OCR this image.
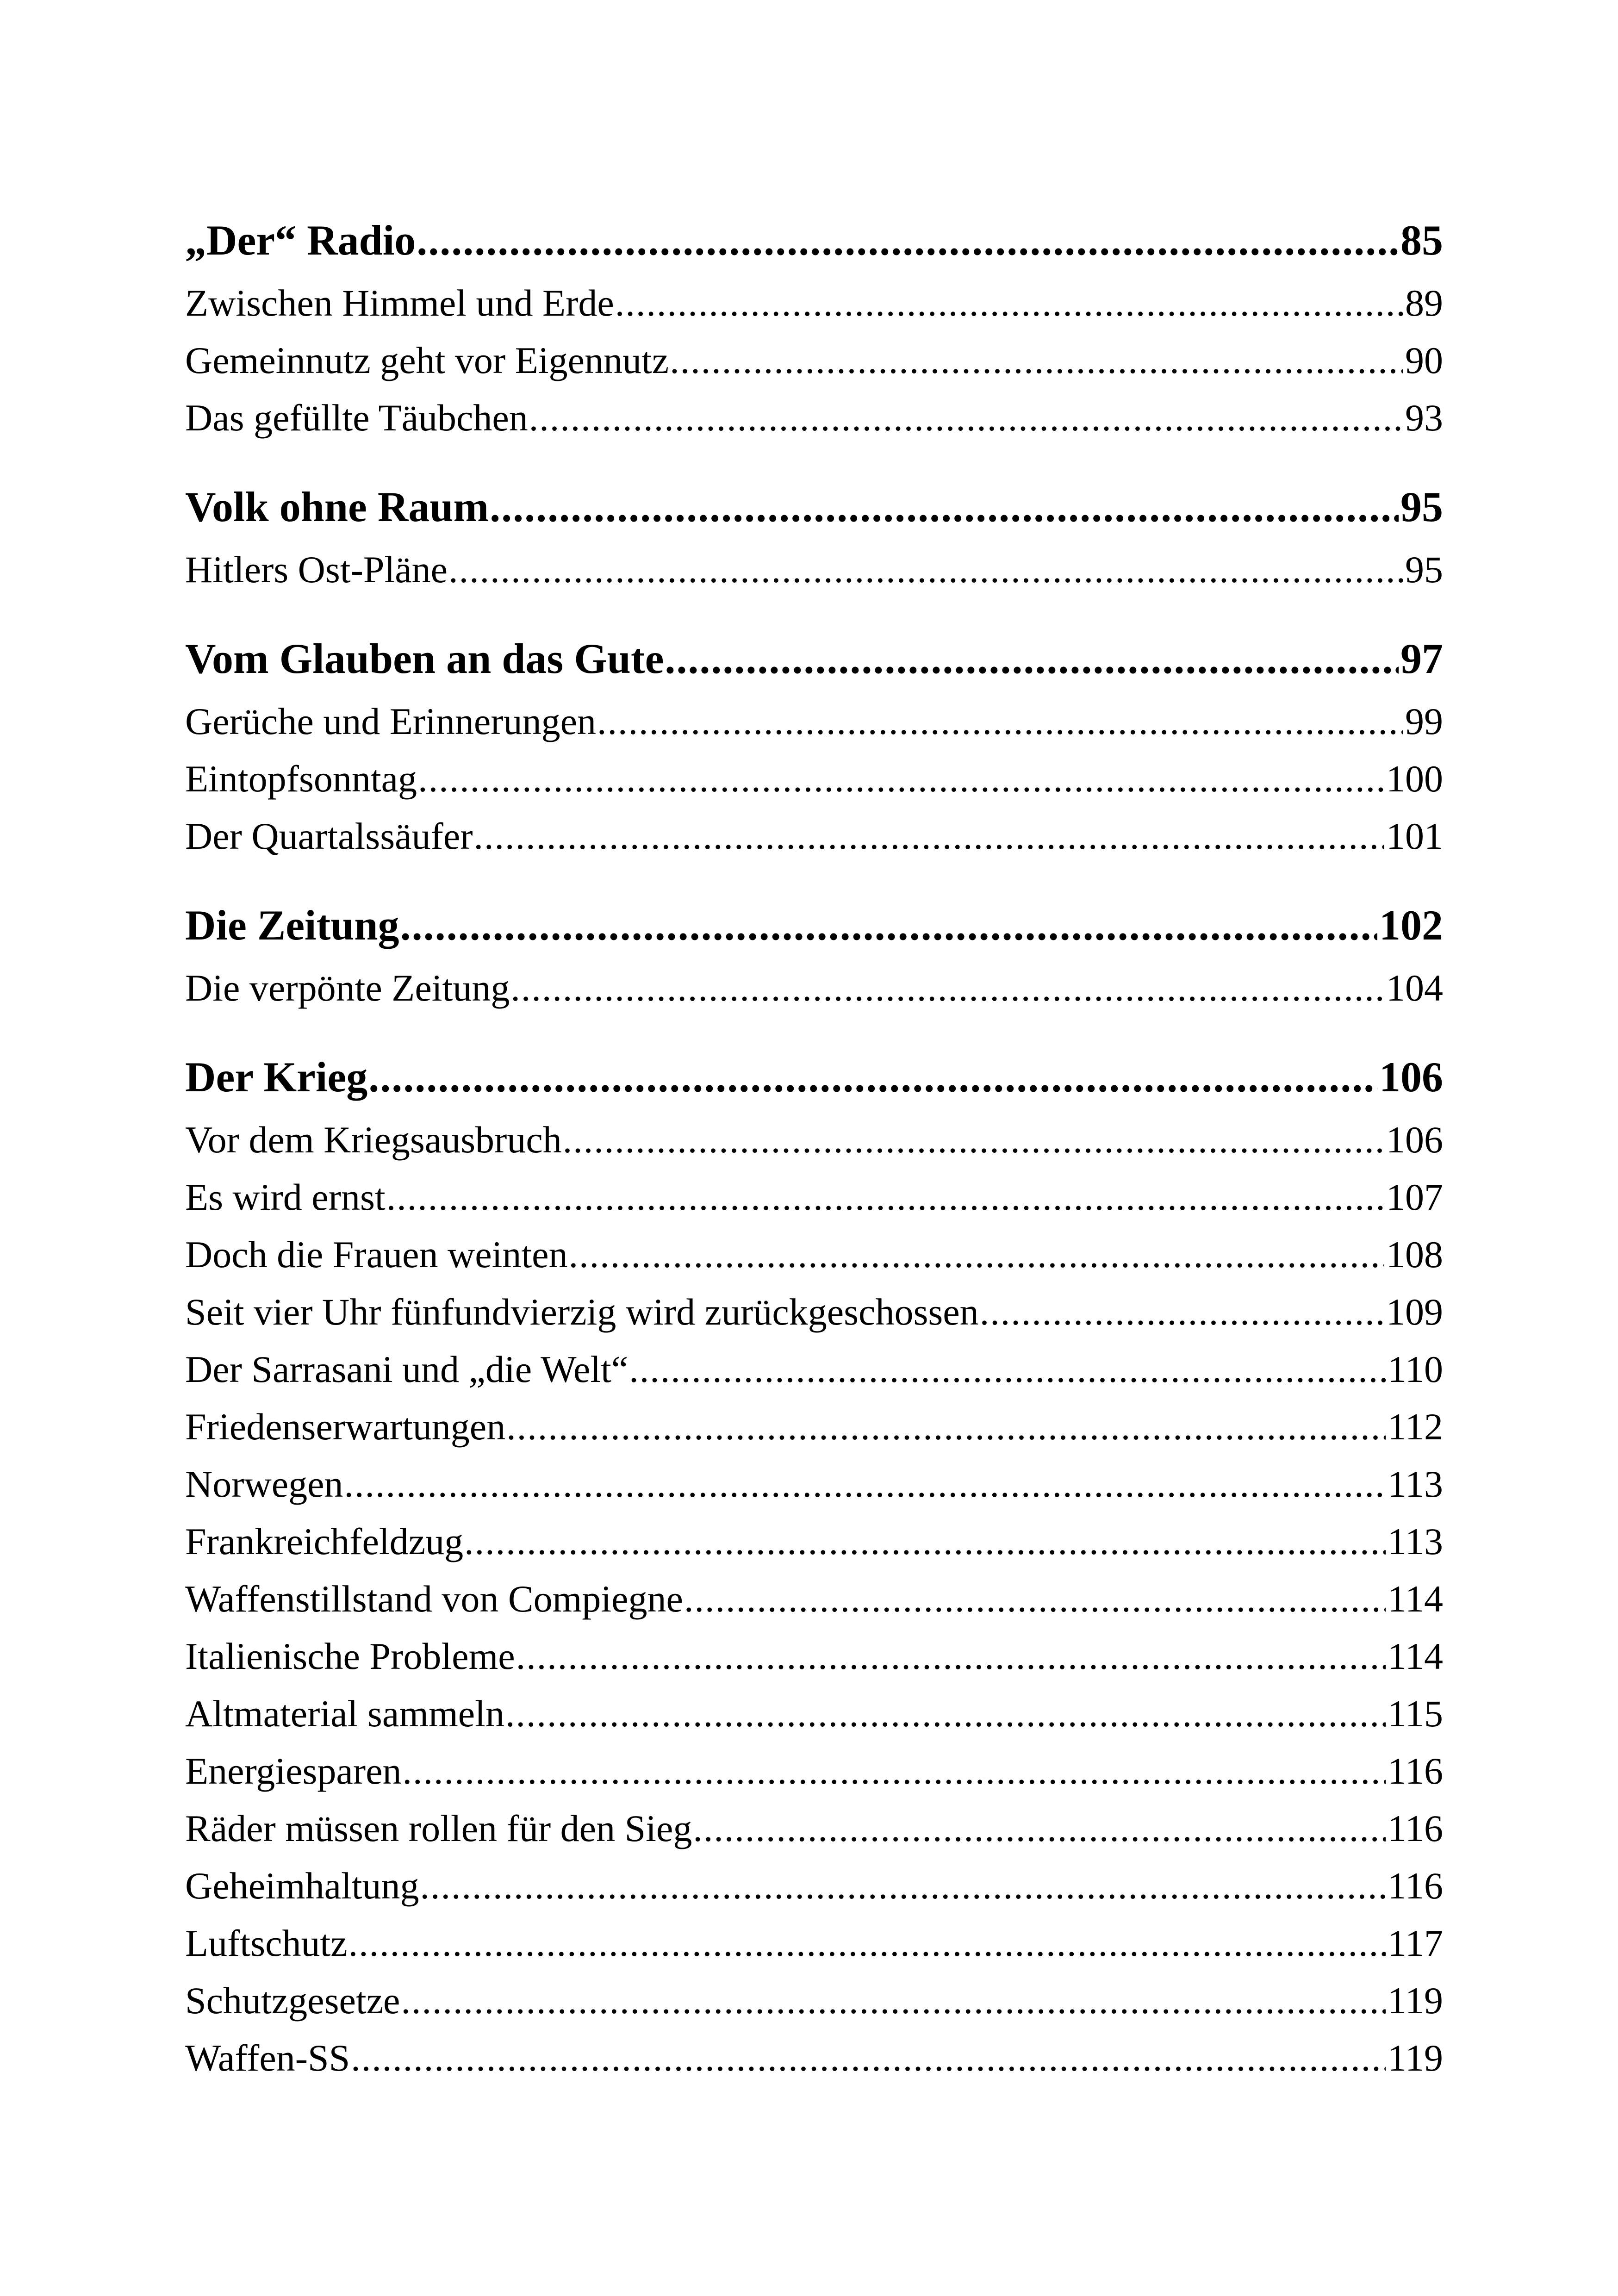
„Der“ Radio .....	85
Zwischen Himmel und Erde .....	89
Gemeinnutz geht vor Eigennutz .....	90
Das gefüllte Täubchen .....	93
Volk ohne Raum .....	95
Hitlers Ost-Pläne .....	95
Vom Glauben an das Gute .....	97
Gerüche und Erinnerungen .....	99
Eintopfsonntag .....	100
Der Quartalssäufer .....	101
Die Zeitung .....	102
Die verpönte Zeitung .....	104
Der Krieg .....	106
Vor dem Kriegsausbruch .....	106
Es wird ernst .....	107
Doch die Frauen weinten .....	108
Seit vier Uhr fünfundvierzig wird zurückgeschossen .....	109
Der Sarrasani und „die Welt“ .....	110
Friedenserwartungen .....	112
Norwegen .....	113
Frankreichfeldzug .....	113
Waffenstillstand von Compiegne .....	114
Italienische Probleme .....	114
Altmaterial sammeln .....	115
Energiesparen .....	116
Räder müssen rollen für den Sieg .....	116
Geheimhaltung .....	116
Luftschutz .....	117
Schutzgesetze .....	119
Waffen-SS .....	119
